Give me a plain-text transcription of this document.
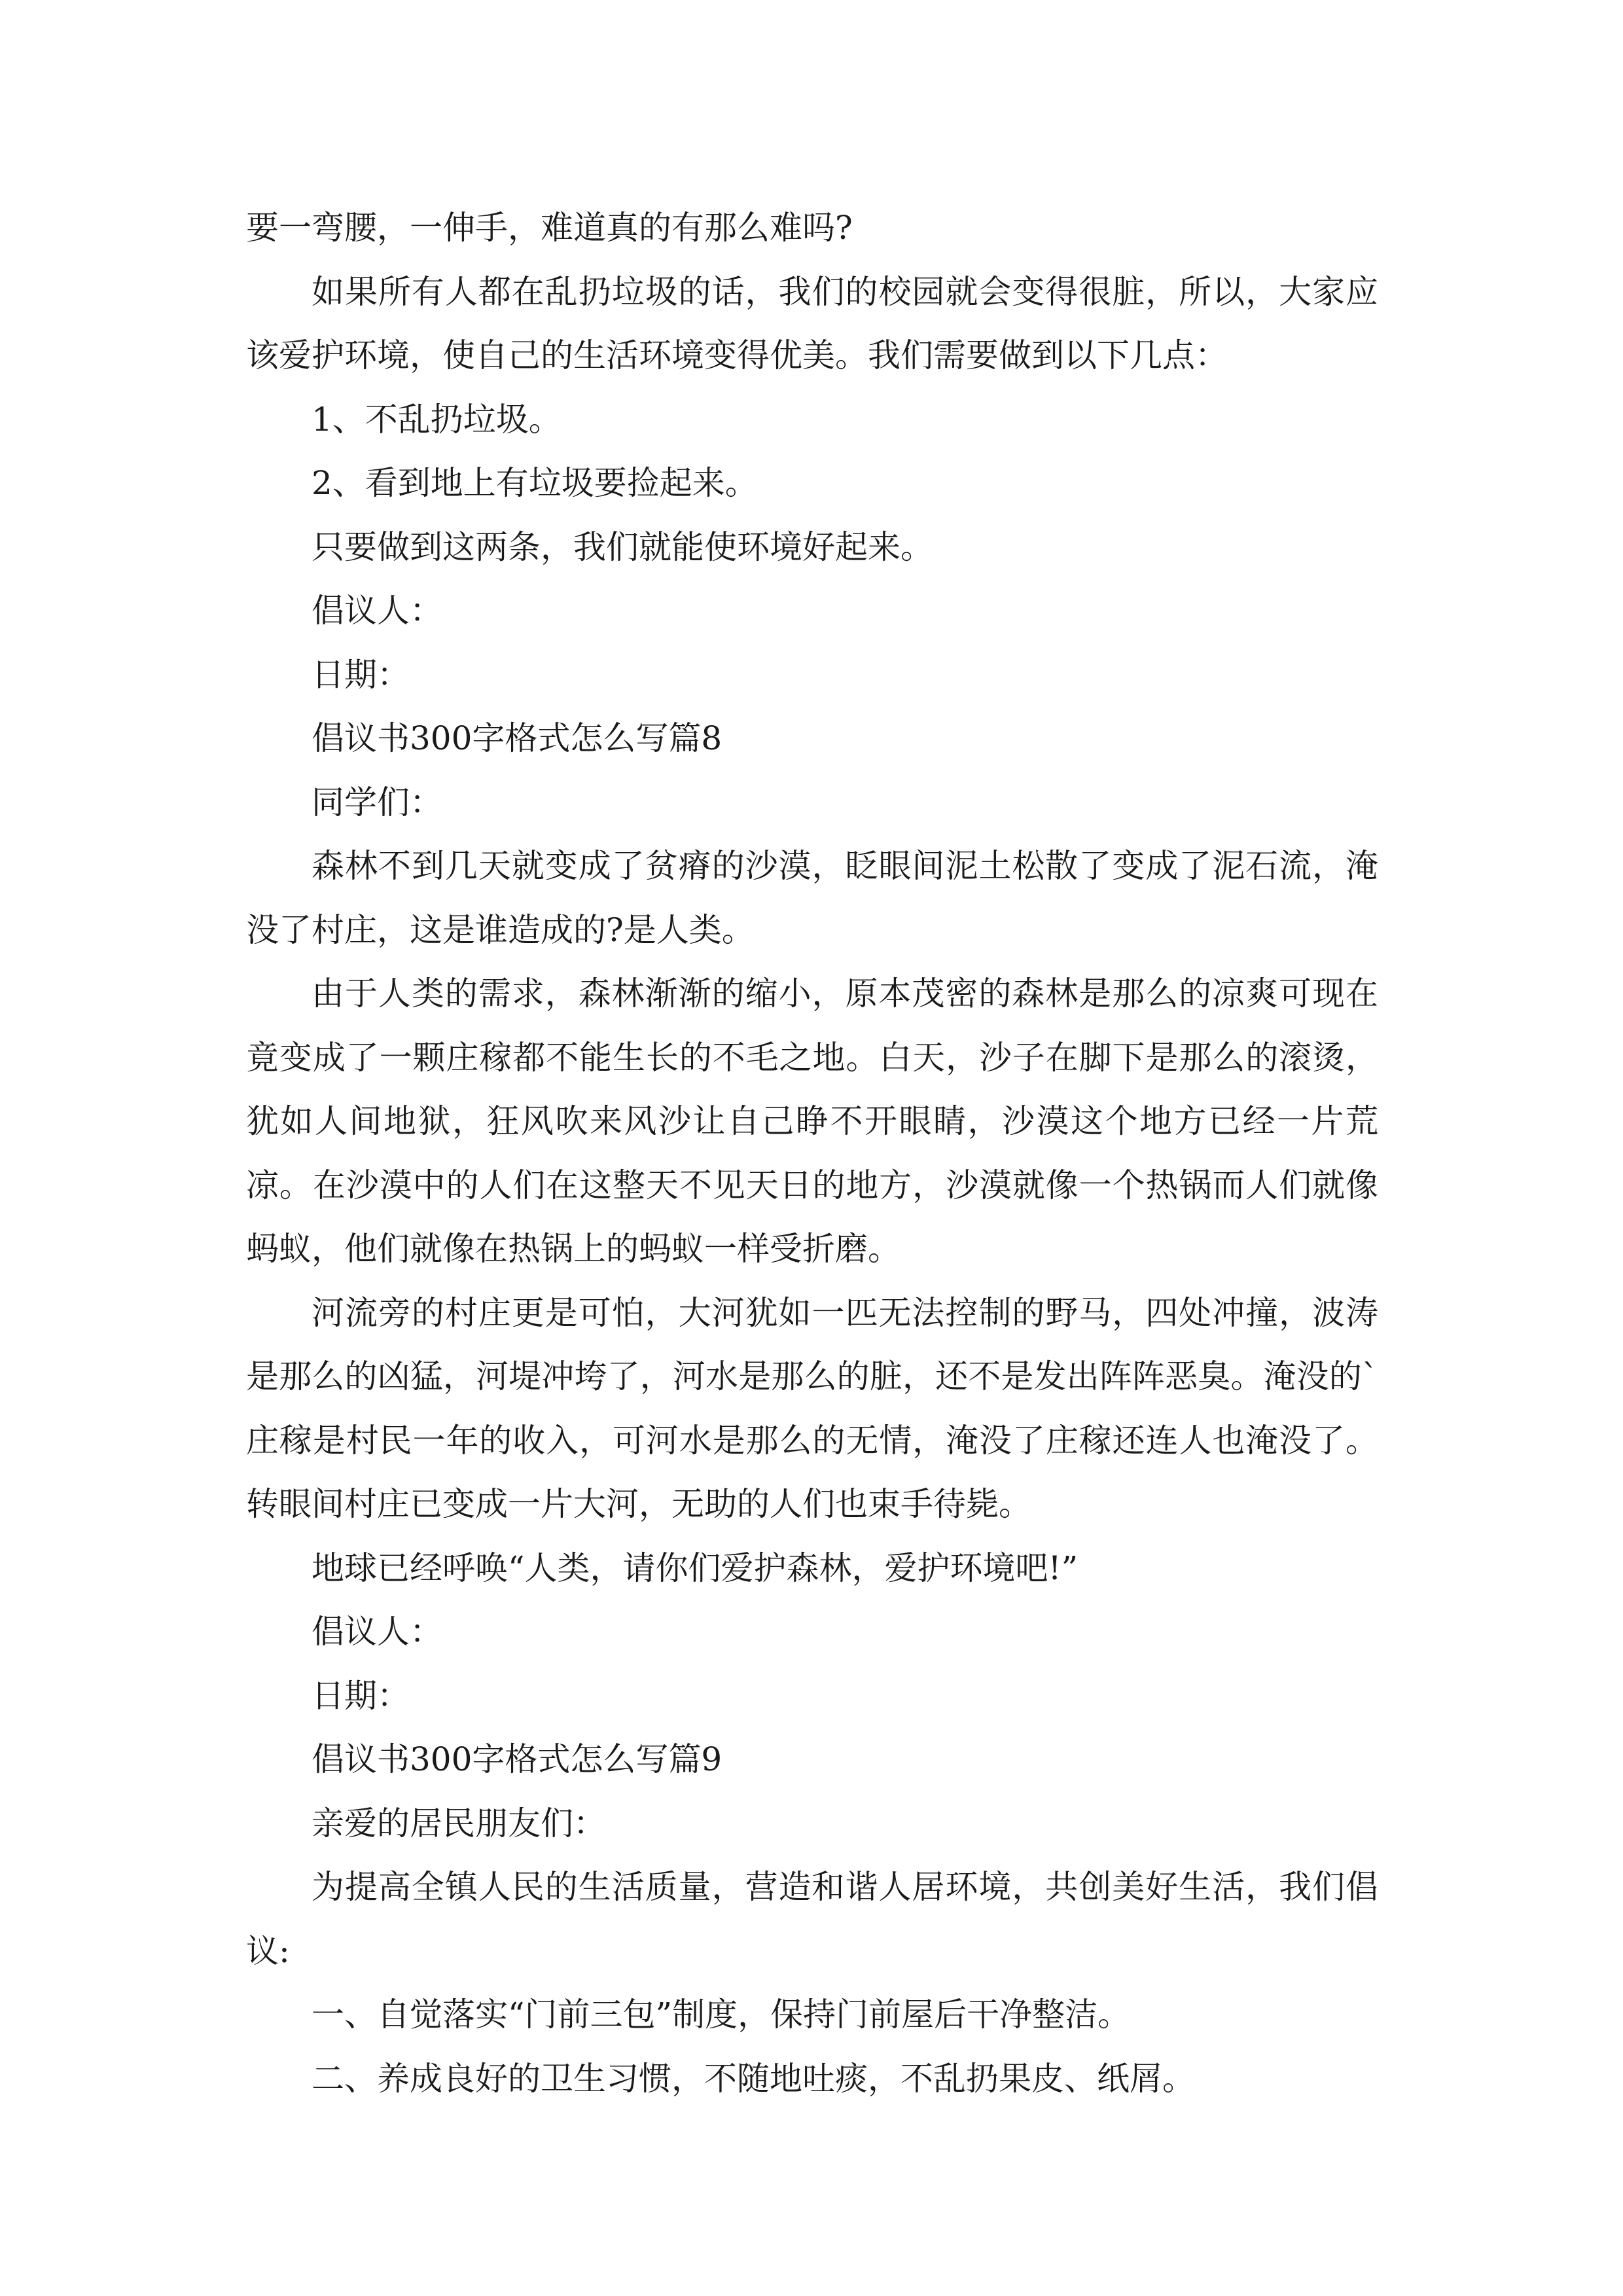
要一弯腰，一伸手，难道真的有那么难吗?

如果所有人都在乱扔垃圾的话，我们的校园就会变得很脏，所以，大家应该爱护环境，使自己的生活环境变得优美。我们需要做到以下几点：

1、不乱扔垃圾。

2、看到地上有垃圾要捡起来。

只要做到这两条，我们就能使环境好起来。

倡议人：

日期：

倡议书300字格式怎么写篇8

同学们：

森林不到几天就变成了贫瘠的沙漠，眨眼间泥土松散了变成了泥石流，淹没了村庄，这是谁造成的?是人类。

由于人类的需求，森林渐渐的缩小，原本茂密的森林是那么的凉爽可现在竟变成了一颗庄稼都不能生长的不毛之地。白天，沙子在脚下是那么的滚烫，犹如人间地狱，狂风吹来风沙让自己睁不开眼睛，沙漠这个地方已经一片荒凉。在沙漠中的人们在这整天不见天日的地方，沙漠就像一个热锅而人们就像蚂蚁，他们就像在热锅上的蚂蚁一样受折磨。

河流旁的村庄更是可怕，大河犹如一匹无法控制的野马，四处冲撞，波涛是那么的凶猛，河堤冲垮了，河水是那么的脏，还不是发出阵阵恶臭。淹没的`庄稼是村民一年的收入，可河水是那么的无情，淹没了庄稼还连人也淹没了。转眼间村庄已变成一片大河，无助的人们也束手待毙。

地球已经呼唤“人类，请你们爱护森林，爱护环境吧!”

倡议人：

日期：

倡议书300字格式怎么写篇9

亲爱的居民朋友们：

为提高全镇人民的生活质量，营造和谐人居环境，共创美好生活，我们倡议:

一、自觉落实“门前三包”制度，保持门前屋后干净整洁。

二、养成良好的卫生习惯，不随地吐痰，不乱扔果皮、纸屑。
